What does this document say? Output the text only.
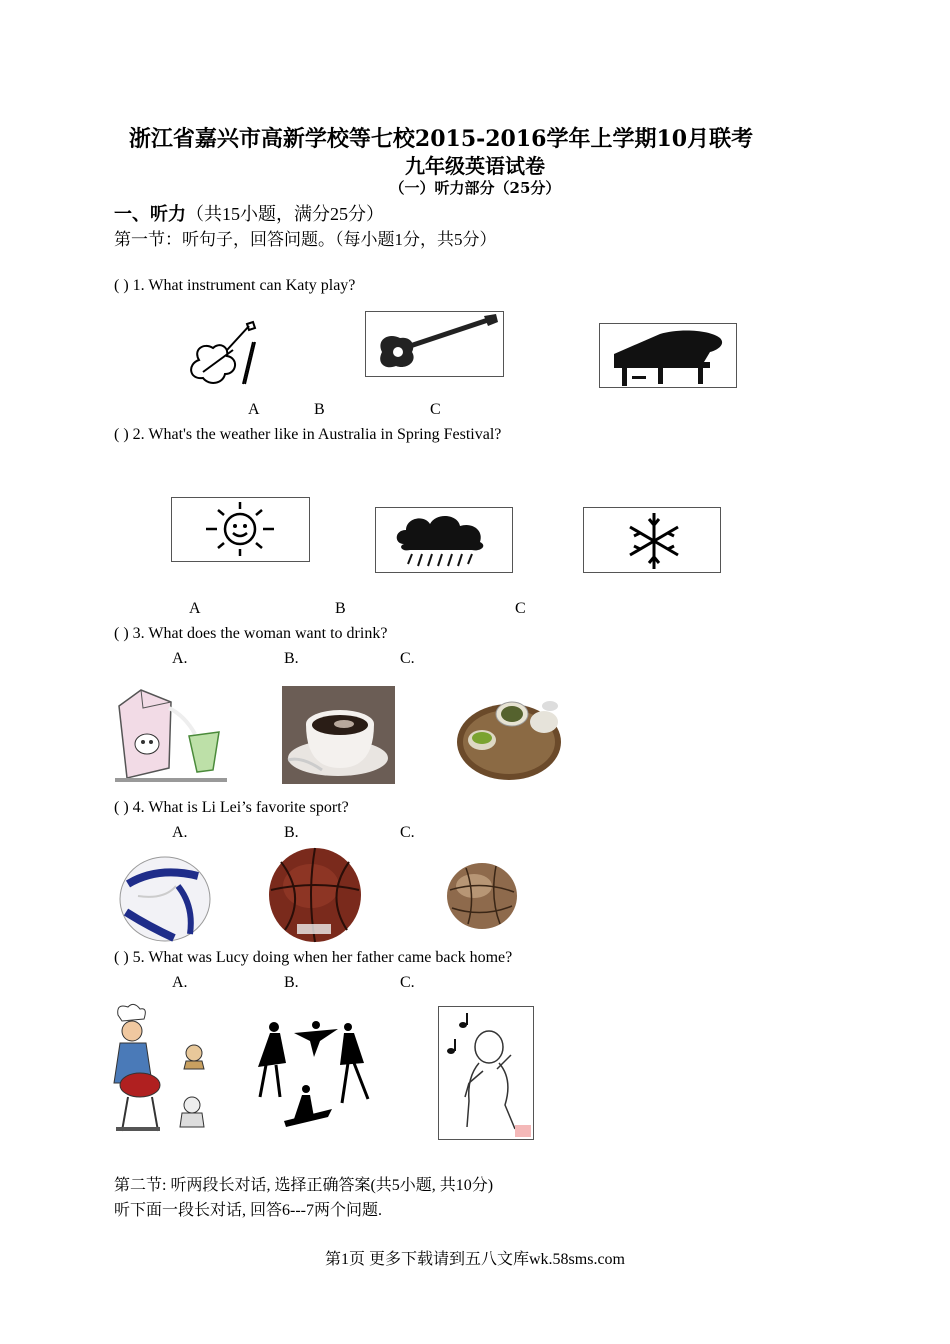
浙江省嘉兴市高新学校等七校2015-2016学年上学期10月联考
九年级英语试卷
（一）听力部分（25分）
一、听力（共15小题，满分25分）
第一节：听句子，回答问题。（每小题1分，共5分）
( ) 1. What instrument can Katy play?
A	B	C
( ) 2. What's the weather like in Australia in Spring Festival?
A	B	C
( ) 3. What does the woman want to drink?
A.	B.	C.
( ) 4. What is Li Lei’s favorite sport?
A.	B.	C.
( ) 5. What was Lucy doing when her father came back home?
A.	B.	C.
第二节: 听两段长对话, 选择正确答案(共5小题, 共10分)
听下面一段长对话, 回答6---7两个问题.
第1页 更多下载请到五八文库wk.58sms.com
